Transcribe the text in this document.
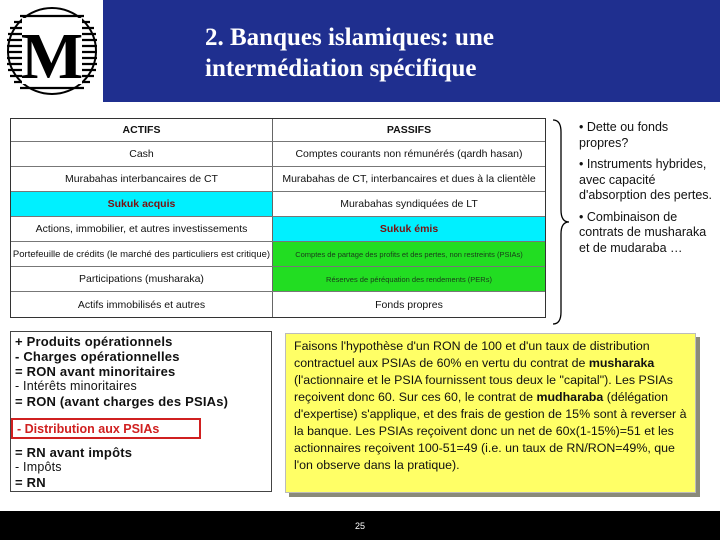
M	2. Banques islamiques: une
intermédiation spécifique
ACTIFS	PASSIFS
Cash	Comptes courants non rémunérés (qardh hasan)
Murabahas interbancaires de CT	Murabahas de CT, interbancaires et dues à la clientèle
Sukuk acquis	Murabahas syndiquées de LT
Actions, immobilier, et autres investissements	Sukuk émis
Portefeuille de crédits (le marché des particuliers est critique)	Comptes de partage des profits et des pertes, non restreints (PSIAs)
Participations (musharaka)	Réserves de péréquation des rendements (PERs)
Actifs immobilisés et autres	Fonds propres
• Dette ou fonds propres?
• Instruments hybrides, avec capacité d'absorption des pertes.
• Combinaison de contrats de musharaka et de mudaraba …
+ Produits opérationnels
- Charges opérationnelles
= RON avant minoritaires
- Intérêts minoritaires
= RON (avant charges des PSIAs)
- Distribution aux PSIAs
= RN avant impôts
- Impôts
= RN
Faisons l'hypothèse d'un RON de 100 et d'un taux de distribution contractuel aux PSIAs de 60% en vertu du contrat de musharaka (l'actionnaire et le PSIA fournissent tous deux le "capital"). Les PSIAs reçoivent donc 60. Sur ces 60, le contrat de mudharaba (délégation d'expertise) s'applique, et des frais de gestion de 15% sont à reverser à la banque. Les PSIAs reçoivent donc un net de 60x(1-15%)=51 et les actionnaires reçoivent 100-51=49 (i.e. un taux de RN/RON=49%, que l'on observe dans la pratique).
25
